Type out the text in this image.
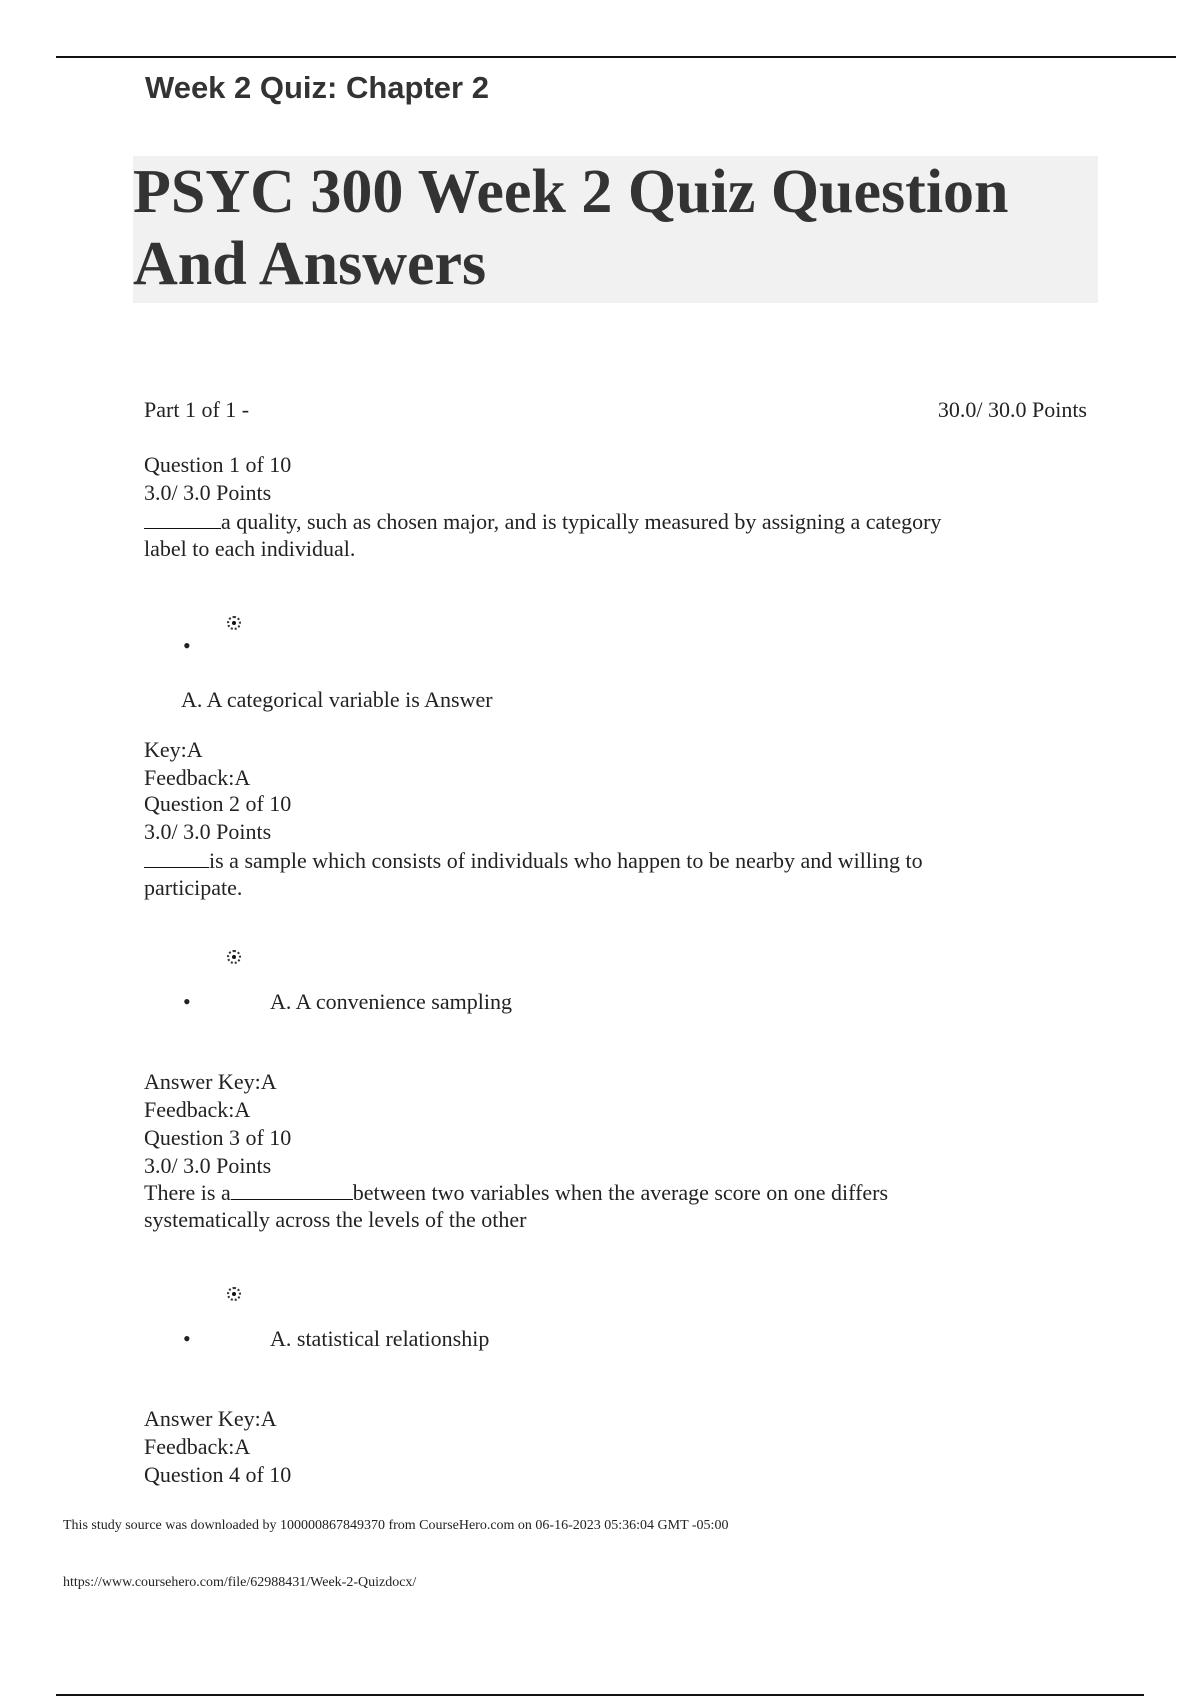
Week 2 Quiz: Chapter 2
PSYC 300 Week 2 Quiz Question And Answers
Part 1 of 1 -	30.0/ 30.0 Points
Question 1 of 10
3.0/ 3.0 Points
a quality, such as chosen major, and is typically measured by assigning a category
label to each individual.
•
A. A categorical variable is Answer
Key:A
Feedback:A
Question 2 of 10
3.0/ 3.0 Points
is a sample which consists of individuals who happen to be nearby and willing to
participate.
•	A. A convenience sampling
Answer Key:A
Feedback:A
Question 3 of 10
3.0/ 3.0 Points
There is a	between two variables when the average score on one differs
systematically across the levels of the other
•	A. statistical relationship
Answer Key:A
Feedback:A
Question 4 of 10
This study source was downloaded by 100000867849370 from CourseHero.com on 06-16-2023 05:36:04 GMT -05:00
https://www.coursehero.com/file/62988431/Week-2-Quizdocx/
